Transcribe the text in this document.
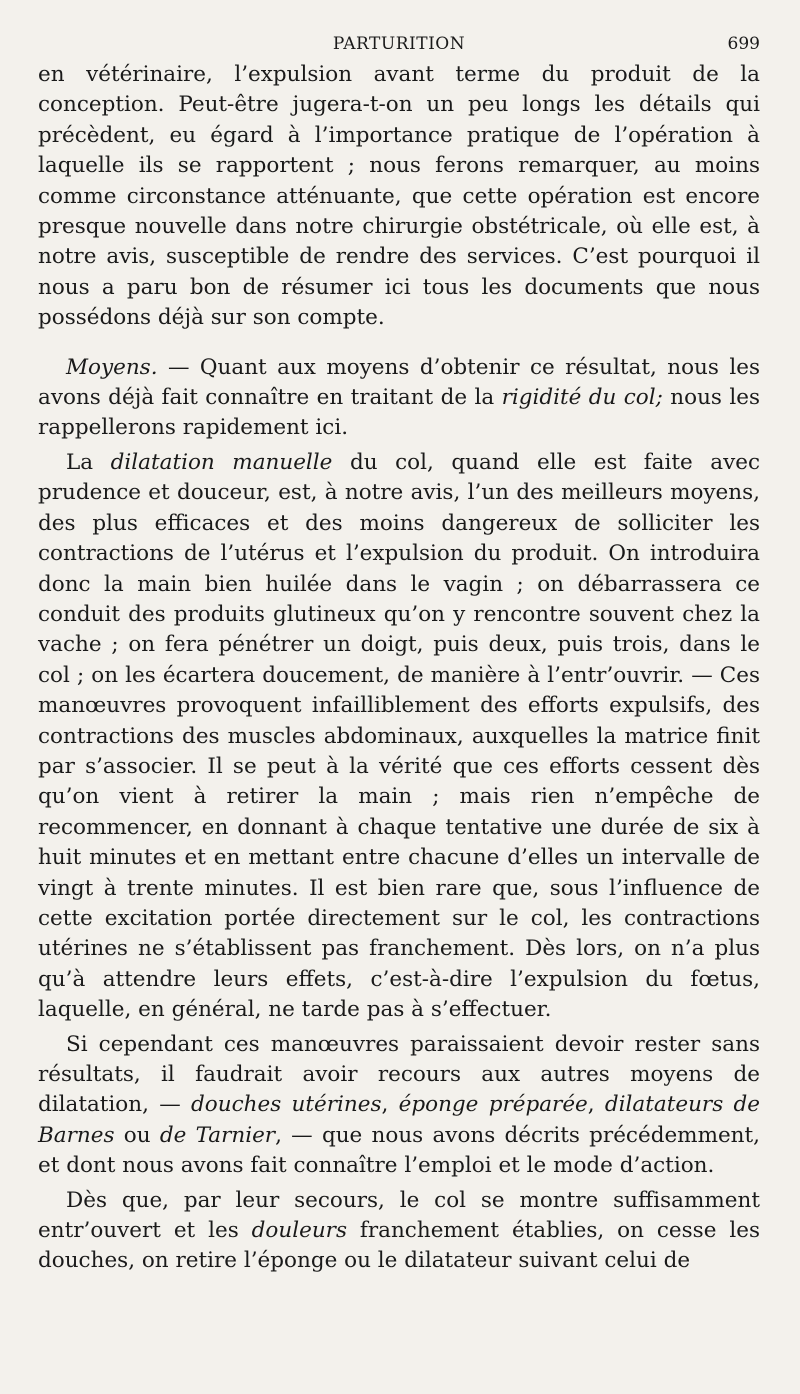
PARTURITION	699

en vétérinaire, l’expulsion avant terme du produit de la conception. Peut-être jugera-t-on un peu longs les détails qui précèdent, eu égard à l’importance pratique de l’opération à laquelle ils se rapportent ; nous ferons remarquer, au moins comme circonstance atténuante, que cette opération est encore presque nouvelle dans notre chirurgie obstétricale, où elle est, à notre avis, susceptible de rendre des services. C’est pourquoi il nous a paru bon de résumer ici tous les documents que nous possédons déjà sur son compte.

Moyens. — Quant aux moyens d’obtenir ce résultat, nous les avons déjà fait connaître en traitant de la rigidité du col; nous les rappellerons rapidement ici.

La dilatation manuelle du col, quand elle est faite avec prudence et douceur, est, à notre avis, l’un des meilleurs moyens, des plus efficaces et des moins dangereux de solliciter les contractions de l’utérus et l’expulsion du produit. On introduira donc la main bien huilée dans le vagin ; on débarrassera ce conduit des produits glutineux qu’on y rencontre souvent chez la vache ; on fera pénétrer un doigt, puis deux, puis trois, dans le col ; on les écartera doucement, de manière à l’entr’ouvrir. — Ces manœuvres provoquent infailliblement des efforts expulsifs, des contractions des muscles abdominaux, auxquelles la matrice finit par s’associer. Il se peut à la vérité que ces efforts cessent dès qu’on vient à retirer la main ; mais rien n’empêche de recommencer, en donnant à chaque tentative une durée de six à huit minutes et en mettant entre chacune d’elles un intervalle de vingt à trente minutes. Il est bien rare que, sous l’influence de cette excitation portée directement sur le col, les contractions utérines ne s’établissent pas franchement. Dès lors, on n’a plus qu’à attendre leurs effets, c’est-à-dire l’expulsion du fœtus, laquelle, en général, ne tarde pas à s’effectuer.

Si cependant ces manœuvres paraissaient devoir rester sans résultats, il faudrait avoir recours aux autres moyens de dilatation, — douches utérines, éponge préparée, dilatateurs de Barnes ou de Tarnier, — que nous avons décrits précédemment, et dont nous avons fait connaître l’emploi et le mode d’action.

Dès que, par leur secours, le col se montre suffisamment entr’ouvert et les douleurs franchement établies, on cesse les douches, on retire l’éponge ou le dilatateur suivant celui de
